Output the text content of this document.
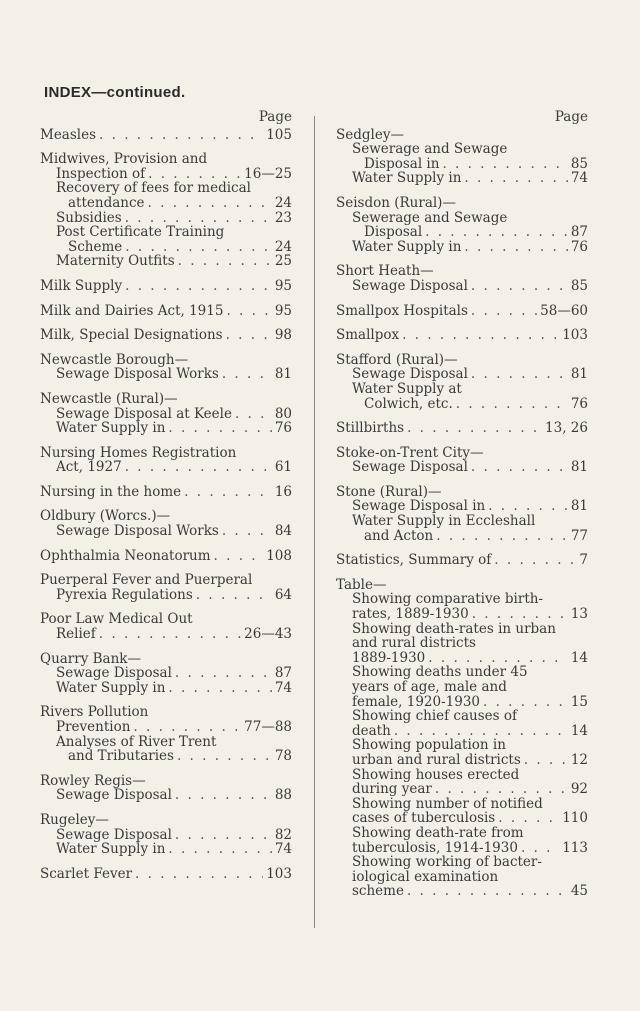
INDEX—continued.
Page
Measles . . .	105
Midwives, Provision and
Inspection of . . .	16—25
Recovery of fees for medical
attendance . . .	24
Subsidies . . .	23
Post Certificate Training
Scheme . . .	24
Maternity Outfits . . .	25
Milk Supply . . .	95
Milk and Dairies Act, 1915 . . .	95
Milk, Special Designations . . .	98
Newcastle Borough—
Sewage Disposal Works . . .	81
Newcastle (Rural)—
Sewage Disposal at Keele . . .	80
Water Supply in . . .	76
Nursing Homes Registration
Act, 1927 . . .	61
Nursing in the home . . .	16
Oldbury (Worcs.)—
Sewage Disposal Works . . .	84
Ophthalmia Neonatorum . . .	108
Puerperal Fever and Puerperal
Pyrexia Regulations . . .	64
Poor Law Medical Out
Relief . . .	26—43
Quarry Bank—
Sewage Disposal . . .	87
Water Supply in . . .	74
Rivers Pollution
Prevention . . .	77—88
Analyses of River Trent
and Tributaries . . .	78
Rowley Regis—
Sewage Disposal . . .	88
Rugeley—
Sewage Disposal . . .	82
Water Supply in . . .	74
Scarlet Fever . . .	103
Page
Sedgley—
Sewerage and Sewage
Disposal in . . .	85
Water Supply in . . .	74
Seisdon (Rural)—
Sewerage and Sewage
Disposal . . .	87
Water Supply in . . .	76
Short Heath—
Sewage Disposal . . .	85
Smallpox Hospitals . . .	58—60
Smallpox . . .	103
Stafford (Rural)—
Sewage Disposal . . .	81
Water Supply at
Colwich, etc. . . .	76
Stillbirths . . .	13, 26
Stoke-on-Trent City—
Sewage Disposal . . .	81
Stone (Rural)—
Sewage Disposal in . . .	81
Water Supply in Eccleshall
and Acton . . .	77
Statistics, Summary of . . .	7
Table—
Showing comparative birth-
rates, 1889-1930 . . .	13
Showing death-rates in urban
and rural districts
1889-1930 . . .	14
Showing deaths under 45
years of age, male and
female, 1920-1930 . . .	15
Showing chief causes of
death . . .	14
Showing population in
urban and rural districts . . .	12
Showing houses erected
during year . . .	92
Showing number of notified
cases of tuberculosis . . .	110
Showing death-rate from
tuberculosis, 1914-1930 . . .	113
Showing working of bacter-
iological examination
scheme . . .	45
